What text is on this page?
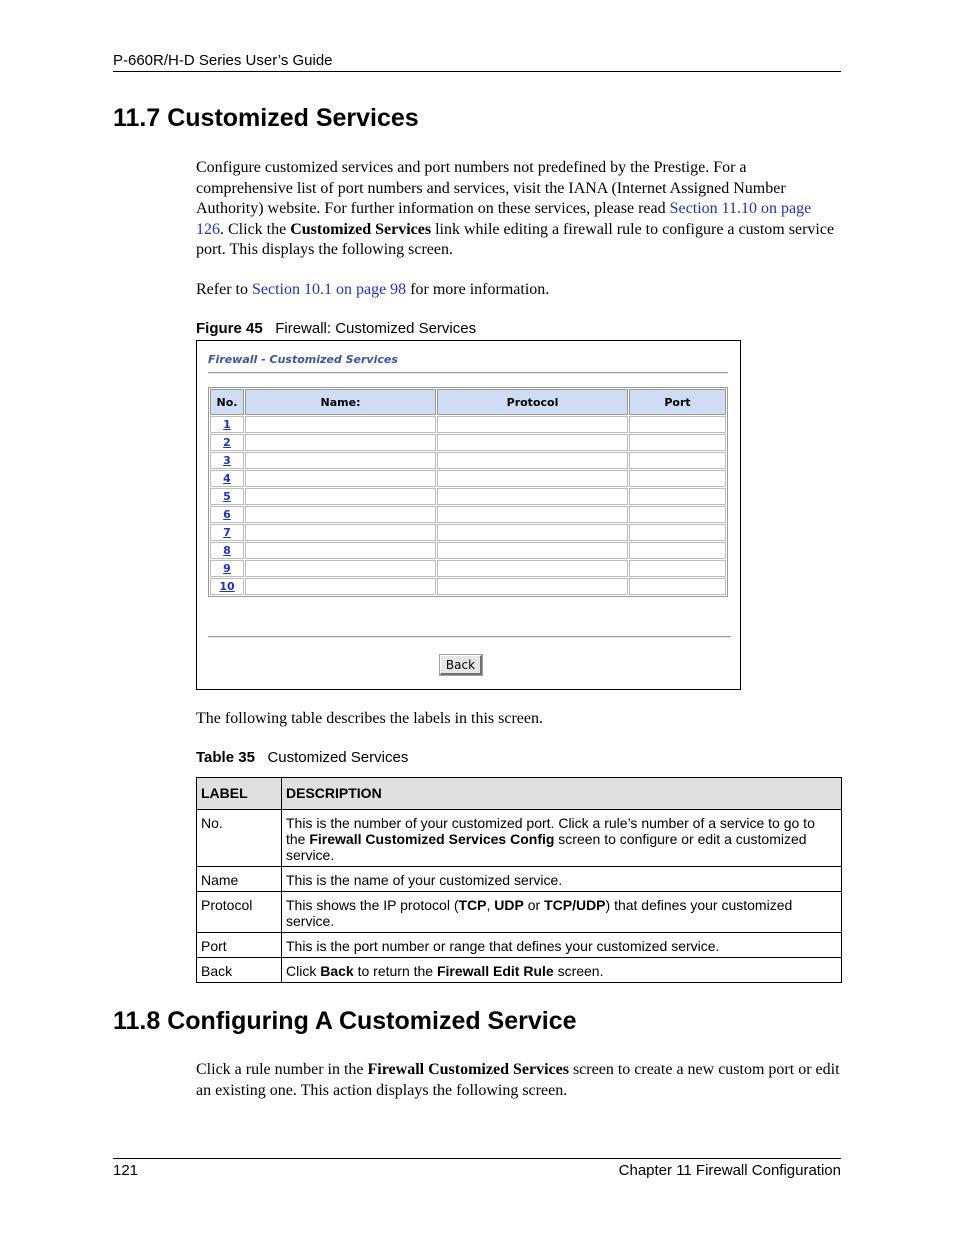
P-660R/H-D Series User’s Guide
11.7 Customized Services
Configure customized services and port numbers not predefined by the Prestige. For a comprehensive list of port numbers and services, visit the IANA (Internet Assigned Number Authority) website. For further information on these services, please read Section 11.10 on page 126. Click the Customized Services link while editing a firewall rule to configure a custom service port. This displays the following screen.
Refer to Section 10.1 on page 98 for more information.
Figure 45 Firewall: Customized Services
Firewall - Customized Services
No.	Name:	Protocol	Port
1			
2			
3			
4			
5			
6			
7			
8			
9			
10			
Back
The following table describes the labels in this screen.
Table 35 Customized Services
LABEL	DESCRIPTION
No.	This is the number of your customized port. Click a rule’s number of a service to go to the Firewall Customized Services Config screen to configure or edit a customized service.
Name	This is the name of your customized service.
Protocol	This shows the IP protocol (TCP, UDP or TCP/UDP) that defines your customized service.
Port	This is the port number or range that defines your customized service.
Back	Click Back to return the Firewall Edit Rule screen.
11.8 Configuring A Customized Service
Click a rule number in the Firewall Customized Services screen to create a new custom port or edit an existing one. This action displays the following screen.
121	Chapter 11 Firewall Configuration
